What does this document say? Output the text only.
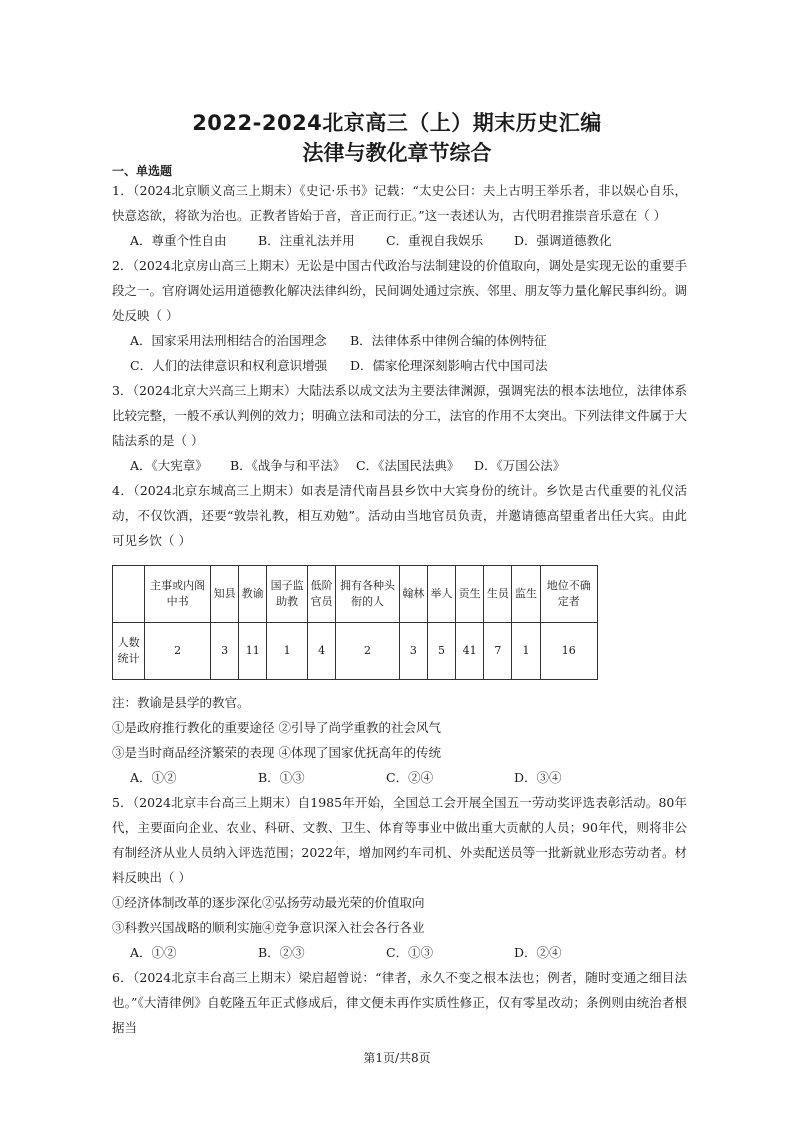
2022-2024北京高三（上）期末历史汇编
法律与教化章节综合
一、单选题

1．（2024北京顺义高三上期末）《史记·乐书》记载：“太史公曰：夫上古明王举乐者，非以娱心自乐，快意恣欲，将欲为治也。正教者皆始于音，音正而行正。”这一表述认为，古代明君推崇音乐意在（ ）

A．尊重个性自由	B．注重礼法并用	C．重视自我娱乐 D．强调道德教化

2．（2024北京房山高三上期末）无讼是中国古代政治与法制建设的价值取向，调处是实现无讼的重要手段之一。官府调处运用道德教化解决法律纠纷，民间调处通过宗族、邻里、朋友等力量化解民事纠纷。调处反映（ ）

A．国家采用法刑相结合的治国理念 B．法律体系中律例合编的体例特征

C．人们的法律意识和权利意识增强 D．儒家伦理深刻影响古代中国司法

3．（2024北京大兴高三上期末）大陆法系以成文法为主要法律渊源，强调宪法的根本法地位，法律体系比较完整，一般不承认判例的效力；明确立法和司法的分工，法官的作用不太突出。下列法律文件属于大陆法系的是（ ）

A．《大宪章》 B．《战争与和平法》 C．《法国民法典》 D．《万国公法》

4．（2024北京东城高三上期末）如表是清代南昌县乡饮中大宾身份的统计。乡饮是古代重要的礼仪活动，不仅饮酒，还要“敦崇礼教，相互劝勉”。活动由当地官员负责，并邀请德高望重者出任大宾。由此可见乡饮（ ）

	主事或内阁中书	知县	教谕	国子监助教	低阶官员	拥有各种头衔的人	翰林	举人	贡生	生员	监生	地位不确定者
人数统计	2	3	11	1	4	2	3	5	41	7	1	16

注：教谕是县学的教官。

①是政府推行教化的重要途径 ②引导了尚学重教的社会风气

③是当时商品经济繁荣的表现 ④体现了国家优抚高年的传统

A．①②	B．①③	C．②④	D．③④

5．（2024北京丰台高三上期末）自1985年开始，全国总工会开展全国五一劳动奖评选表彰活动。80年代，主要面向企业、农业、科研、文教、卫生、体育等事业中做出重大贡献的人员；90年代，则将非公有制经济从业人员纳入评选范围；2022年，增加网约车司机、外卖配送员等一批新就业形态劳动者。材料反映出（ ）

①经济体制改革的逐步深化②弘扬劳动最光荣的价值取向

③科教兴国战略的顺利实施④竞争意识深入社会各行各业

A．①②	B．②③	C．①③	D．②④

6．（2024北京丰台高三上期末）梁启超曾说：“律者，永久不变之根本法也；例者，随时变通之细目法也。”《大清律例》自乾隆五年正式修成后，律文便未再作实质性修正，仅有零星改动；条例则由统治者根据当

第1页/共8页
